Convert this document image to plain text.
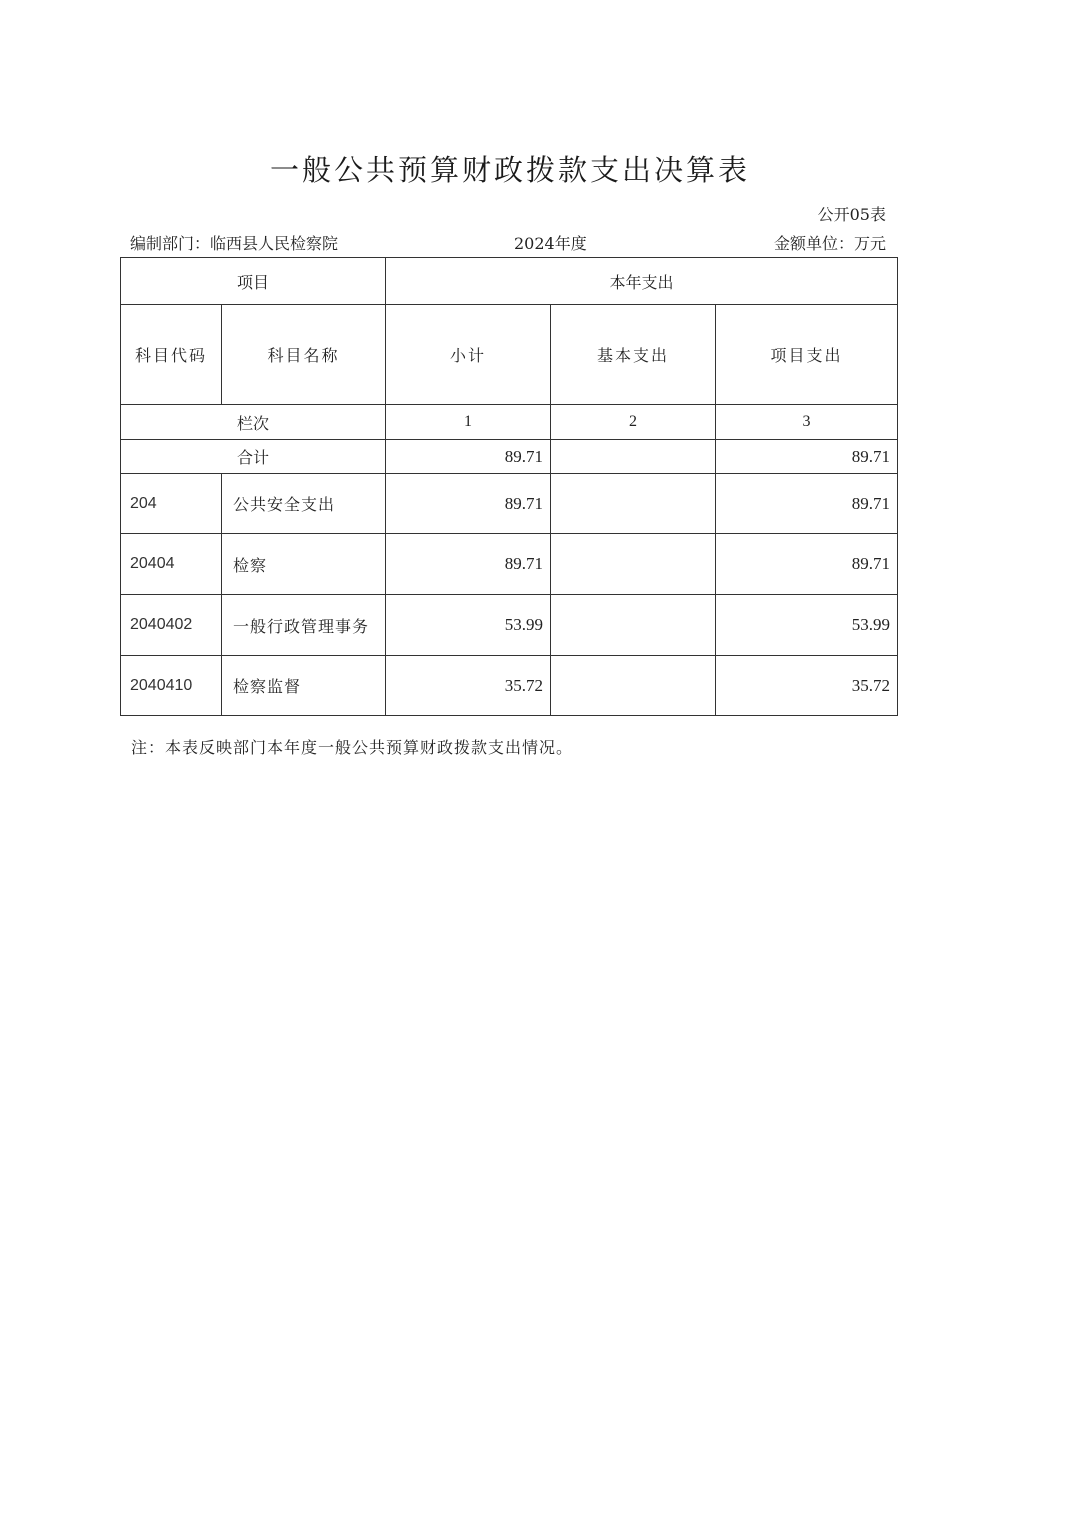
一般公共预算财政拨款支出决算表
公开05表
编制部门：临西县人民检察院	2024年度	金额单位：万元
项目		本年支出		
科目代码	科目名称	小计	基本支出	项目支出
栏次		1	2	3
合计		89.71		89.71
204	公共安全支出	89.71		89.71
20404	检察	89.71		89.71
2040402	一般行政管理事务	53.99		53.99
2040410	检察监督	35.72		35.72
注：本表反映部门本年度一般公共预算财政拨款支出情况。
